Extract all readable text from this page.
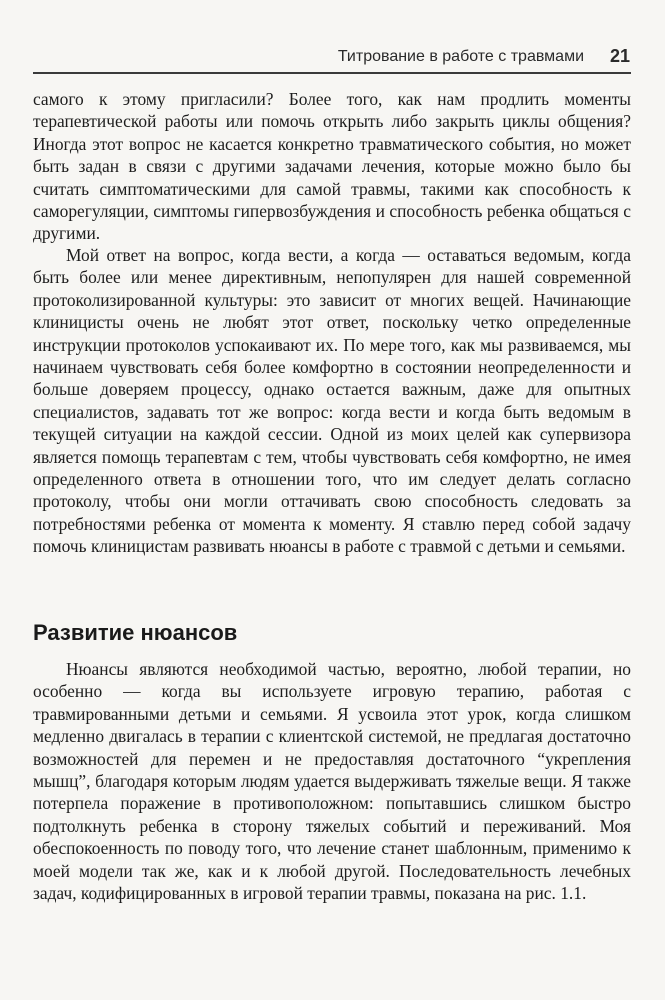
Титрование в работе с травмами 21

самого к этому пригласили? Более того, как нам продлить моменты терапевтической работы или помочь открыть либо закрыть циклы общения? Иногда этот вопрос не касается конкретно травматического события, но может быть задан в связи с другими задачами лечения, которые можно было бы считать симптоматическими для самой травмы, такими как способность к саморегуляции, симптомы гипервозбуждения и способность ребенка общаться с другими.

Мой ответ на вопрос, когда вести, а когда — оставаться ведомым, когда быть более или менее директивным, непопулярен для нашей современной протоколизированной культуры: это зависит от многих вещей. Начинающие клиницисты очень не любят этот ответ, поскольку четко определенные инструкции протоколов успокаивают их. По мере того, как мы развиваемся, мы начинаем чувствовать себя более комфортно в состоянии неопределенности и больше доверяем процессу, однако остается важным, даже для опытных специалистов, задавать тот же вопрос: когда вести и когда быть ведомым в текущей ситуации на каждой сессии. Одной из моих целей как супервизора является помощь терапевтам с тем, чтобы чувствовать себя комфортно, не имея определенного ответа в отношении того, что им следует делать согласно протоколу, чтобы они могли оттачивать свою способность следовать за потребностями ребенка от момента к моменту. Я ставлю перед собой задачу помочь клиницистам развивать нюансы в работе с травмой с детьми и семьями.

Развитие нюансов

Нюансы являются необходимой частью, вероятно, любой терапии, но особенно — когда вы используете игровую терапию, работая с травмированными детьми и семьями. Я усвоила этот урок, когда слишком медленно двигалась в терапии с клиентской системой, не предлагая достаточно возможностей для перемен и не предоставляя достаточного “укрепления мышц”, благодаря которым людям удается выдерживать тяжелые вещи. Я также потерпела поражение в противоположном: попытавшись слишком быстро подтолкнуть ребенка в сторону тяжелых событий и переживаний. Моя обеспокоенность по поводу того, что лечение станет шаблонным, применимо к моей модели так же, как и к любой другой. Последовательность лечебных задач, кодифицированных в игровой терапии травмы, показана на рис. 1.1.
